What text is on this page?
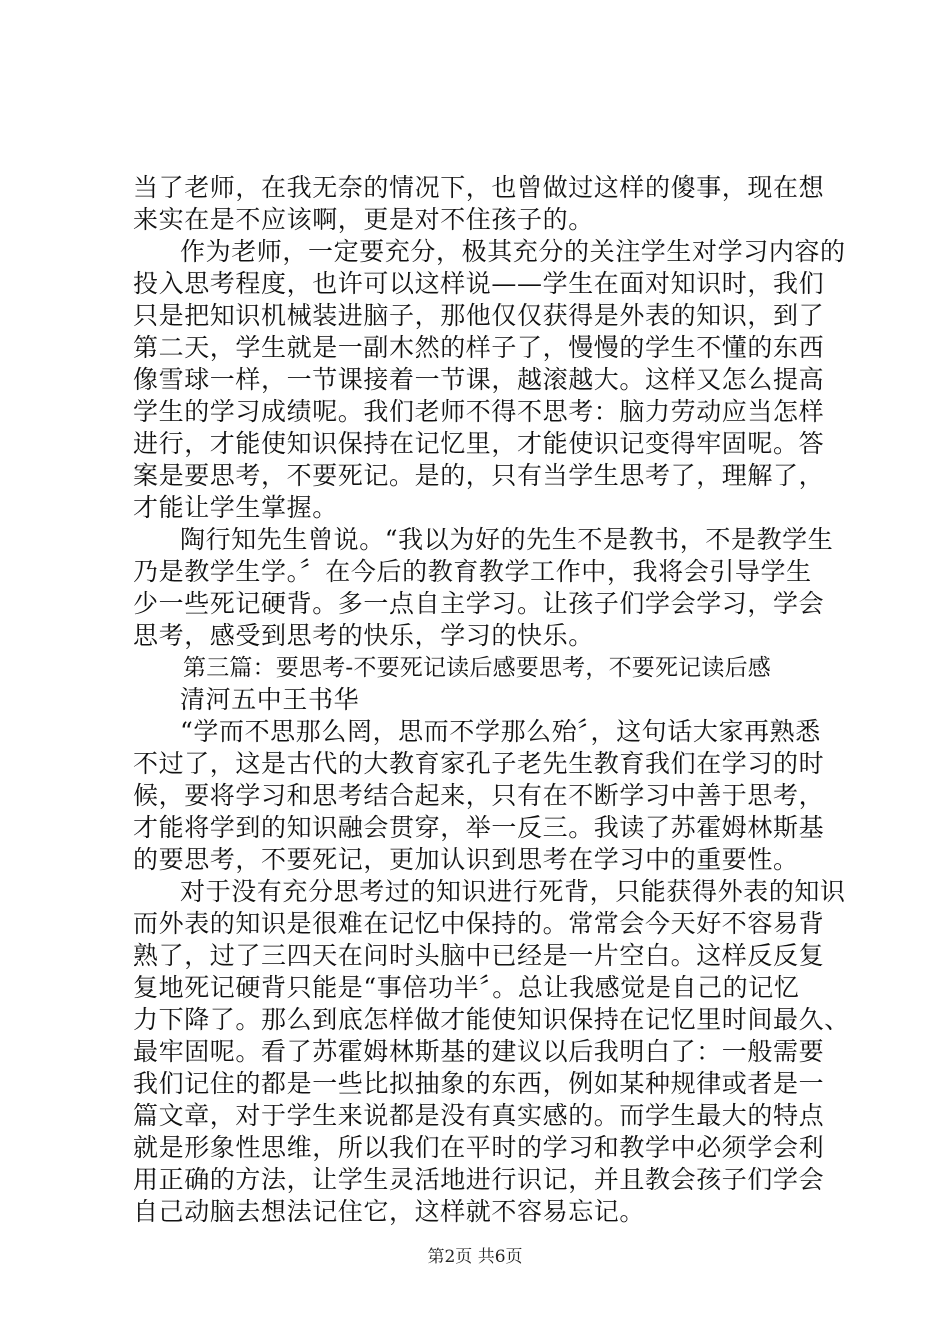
当了老师，在我无奈的情况下，也曾做过这样的傻事，现在想
来实在是不应该啊，更是对不住孩子的。
作为老师，一定要充分，极其充分的关注学生对学习内容的
投入思考程度，也许可以这样说——学生在面对知识时，我们
只是把知识机械装进脑子，那他仅仅获得是外表的知识，到了
第二天，学生就是一副木然的样子了，慢慢的学生不懂的东西
像雪球一样，一节课接着一节课，越滚越大。这样又怎么提高
学生的学习成绩呢。我们老师不得不思考：脑力劳动应当怎样
进行，才能使知识保持在记忆里，才能使识记变得牢固呢。答
案是要思考，不要死记。是的，只有当学生思考了，理解了，
才能让学生掌握。
陶行知先生曾说。“我以为好的先生不是教书，不是教学生
乃是教学生学。〞在今后的教育教学工作中，我将会引导学生
少一些死记硬背。多一点自主学习。让孩子们学会学习，学会
思考，感受到思考的快乐，学习的快乐。
第三篇：要思考-不要死记读后感要思考，不要死记读后感
清河五中王书华
“学而不思那么罔，思而不学那么殆〞，这句话大家再熟悉
不过了，这是古代的大教育家孔子老先生教育我们在学习的时
候，要将学习和思考结合起来，只有在不断学习中善于思考，
才能将学到的知识融会贯穿，举一反三。我读了苏霍姆林斯基
的要思考，不要死记，更加认识到思考在学习中的重要性。
对于没有充分思考过的知识进行死背，只能获得外表的知识
而外表的知识是很难在记忆中保持的。常常会今天好不容易背
熟了，过了三四天在问时头脑中已经是一片空白。这样反反复
复地死记硬背只能是“事倍功半〞。总让我感觉是自己的记忆
力下降了。那么到底怎样做才能使知识保持在记忆里时间最久、
最牢固呢。看了苏霍姆林斯基的建议以后我明白了：一般需要
我们记住的都是一些比拟抽象的东西，例如某种规律或者是一
篇文章，对于学生来说都是没有真实感的。而学生最大的特点
就是形象性思维，所以我们在平时的学习和教学中必须学会利
用正确的方法，让学生灵活地进行识记，并且教会孩子们学会
自己动脑去想法记住它，这样就不容易忘记。
第2页 共6页
